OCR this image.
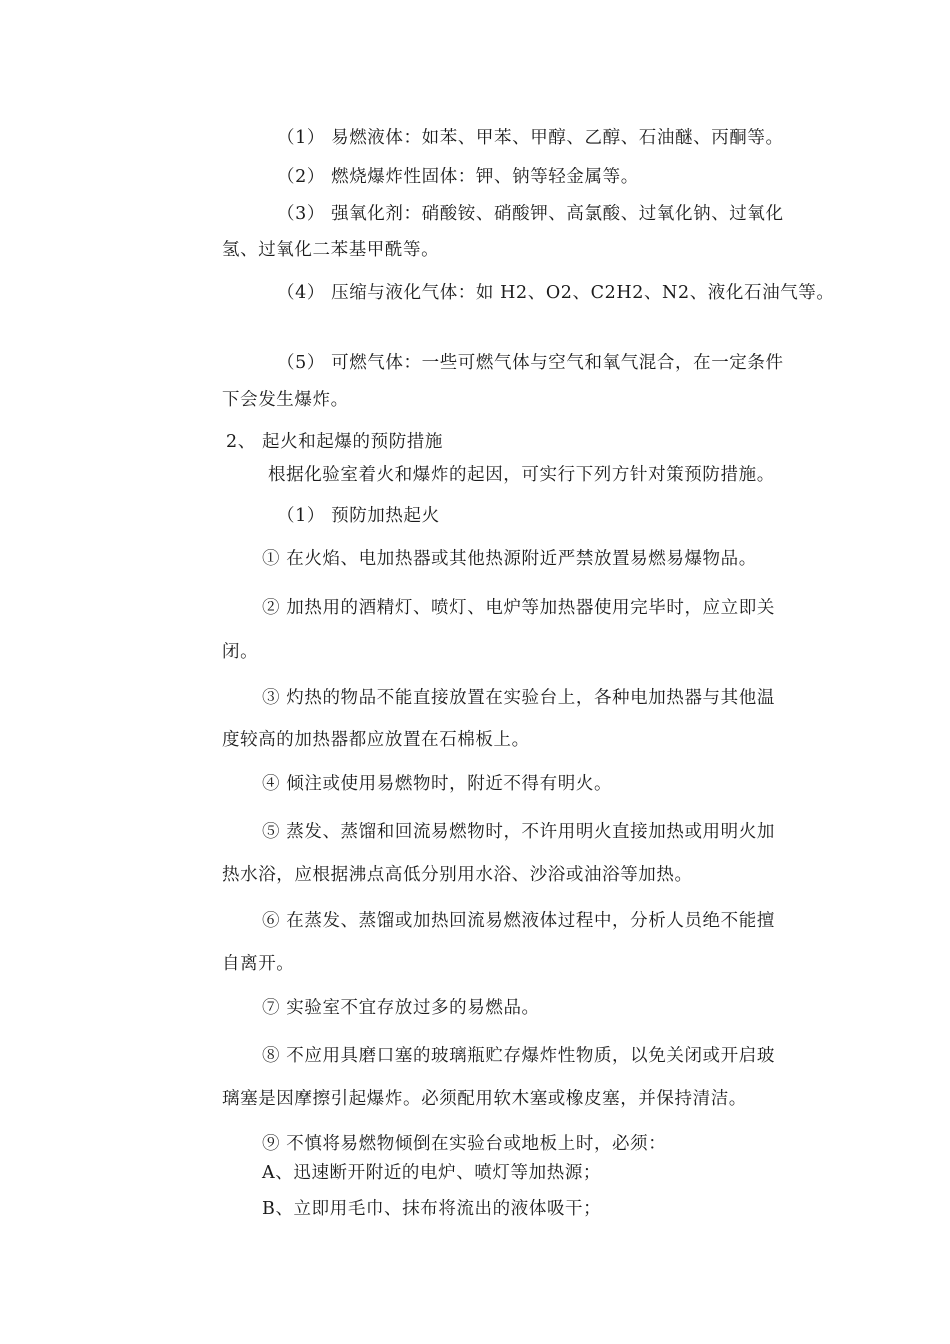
（1） 易燃液体：如苯、甲苯、甲醇、乙醇、石油醚、丙酮等。
（2） 燃烧爆炸性固体：钾、钠等轻金属等。
（3） 强氧化剂：硝酸铵、硝酸钾、高氯酸、过氧化钠、过氧化
氢、过氧化二苯基甲酰等。
（4） 压缩与液化气体：如 H2、O2、C2H2、N2、液化石油气等。
（5） 可燃气体：一些可燃气体与空气和氧气混合，在一定条件
下会发生爆炸。
2、 起火和起爆的预防措施
根据化验室着火和爆炸的起因，可实行下列方针对策预防措施。
（1） 预防加热起火
① 在火焰、电加热器或其他热源附近严禁放置易燃易爆物品。
② 加热用的酒精灯、喷灯、电炉等加热器使用完毕时，应立即关
闭。
③ 灼热的物品不能直接放置在实验台上，各种电加热器与其他温
度较高的加热器都应放置在石棉板上。
④ 倾注或使用易燃物时，附近不得有明火。
⑤ 蒸发、蒸馏和回流易燃物时，不许用明火直接加热或用明火加
热水浴，应根据沸点高低分别用水浴、沙浴或油浴等加热。
⑥ 在蒸发、蒸馏或加热回流易燃液体过程中，分析人员绝不能擅
自离开。
⑦ 实验室不宜存放过多的易燃品。
⑧ 不应用具磨口塞的玻璃瓶贮存爆炸性物质，以免关闭或开启玻
璃塞是因摩擦引起爆炸。必须配用软木塞或橡皮塞，并保持清洁。
⑨ 不慎将易燃物倾倒在实验台或地板上时，必须：
A、迅速断开附近的电炉、喷灯等加热源；
B、立即用毛巾、抹布将流出的液体吸干；
